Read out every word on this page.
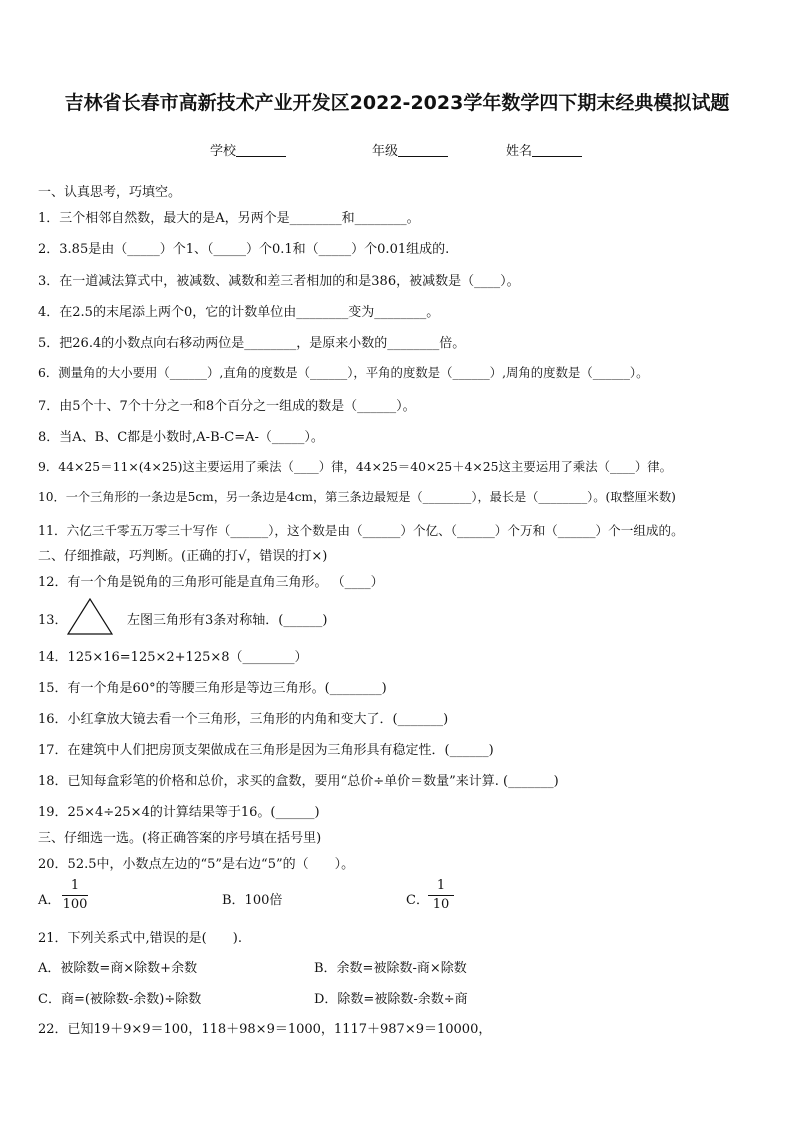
吉林省长春市高新技术产业开发区2022-2023学年数学四下期末经典模拟试题
学校	年级	姓名
一、认真思考，巧填空。
1．三个相邻自然数，最大的是A，另两个是________和________。
2．3.85是由（_____）个1、（_____）个0.1和（_____）个0.01组成的.
3．在一道减法算式中，被减数、减数和差三者相加的和是386，被减数是（____）。
4．在2.5的末尾添上两个0，它的计数单位由________变为________。
5．把26.4的小数点向右移动两位是________，是原来小数的________倍。
6．测量角的大小要用（______）,直角的度数是（______），平角的度数是（______）,周角的度数是（______）。
7．由5个十、7个十分之一和8个百分之一组成的数是（______）。
8．当A、B、C都是小数时,A-B-C=A-（_____）。
9．44×25＝11×(4×25)这主要运用了乘法（____）律，44×25＝40×25＋4×25这主要运用了乘法（____）律。
10．一个三角形的一条边是5cm，另一条边是4cm，第三条边最短是（________），最长是（________）。(取整厘米数)
11．六亿三千零五万零三十写作（______），这个数是由（______）个亿、（______）个万和（______）个一组成的。
二、仔细推敲，巧判断。(正确的打√，错误的打×)
12．有一个角是锐角的三角形可能是直角三角形。 （____）
13．	左图三角形有3条对称轴．(______)
14．125×16=125×2+125×8（________）
15．有一个角是60°的等腰三角形是等边三角形。(________)
16．小红拿放大镜去看一个三角形，三角形的内角和变大了．(_______)
17．在建筑中人们把房顶支架做成在三角形是因为三角形具有稳定性．(______)
18．已知每盒彩笔的价格和总价，求买的盒数，要用“总价÷单价＝数量”来计算. (_______)
19．25×4÷25×4的计算结果等于16。(______)
三、仔细选一选。(将正确答案的序号填在括号里)
20．52.5中，小数点左边的“5”是右边“5”的（　　）。
A．
1
100	B．100倍	C．
1
10
21．下列关系式中,错误的是(　　).
A．被除数=商×除数+余数	B．余数=被除数-商×除数
C．商=(被除数-余数)÷除数	D．除数=被除数-余数÷商
22．已知19＋9×9＝100，118＋98×9＝1000，1117＋987×9＝10000，
